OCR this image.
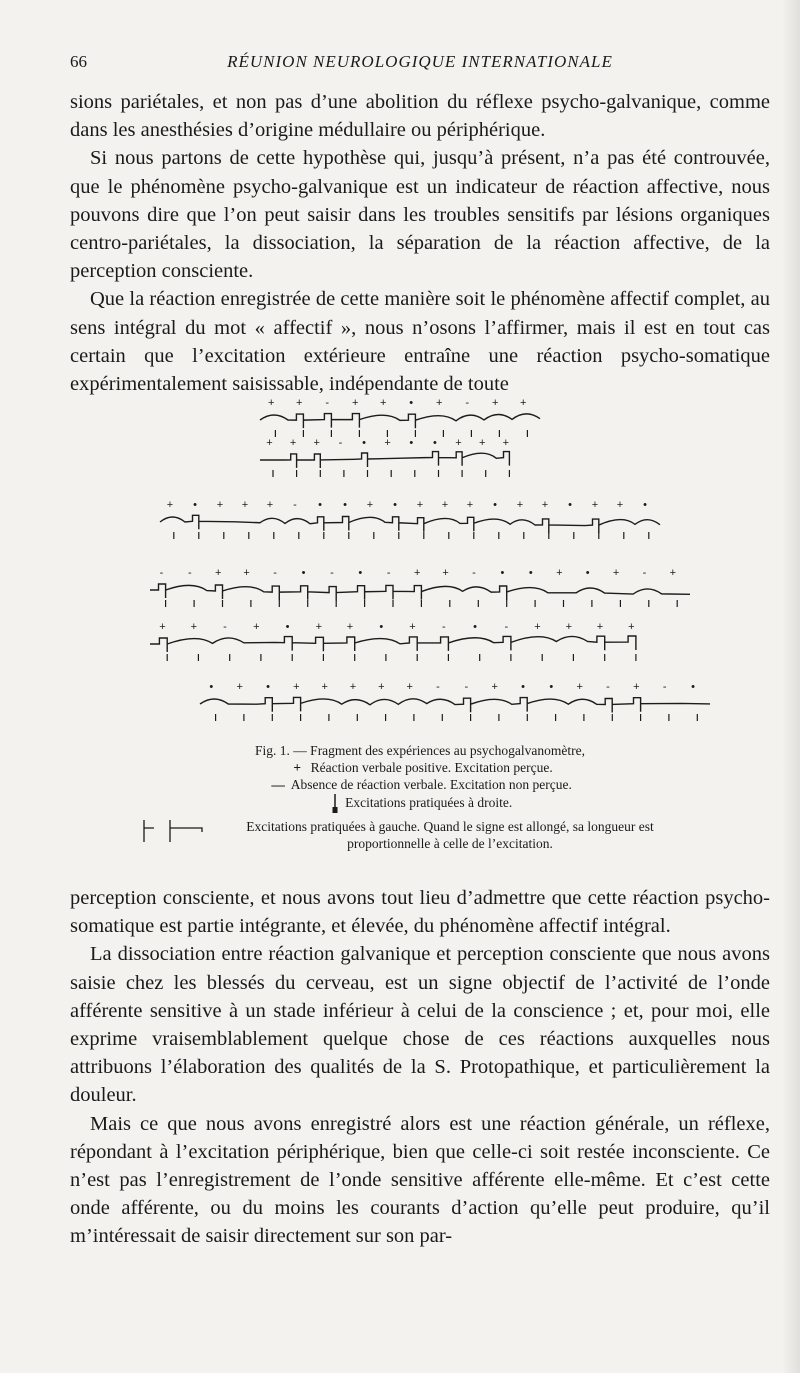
66	RÉUNION NEUROLOGIQUE INTERNATIONALE

sions pariétales, et non pas d’une abolition du réflexe psycho-galvanique, comme dans les anesthésies d’origine médullaire ou périphérique.

Si nous partons de cette hypothèse qui, jusqu’à présent, n’a pas été controuvée, que le phénomène psycho-galvanique est un indicateur de réaction affective, nous pouvons dire que l’on peut saisir dans les troubles sensitifs par lésions organiques centro-pariétales, la dissociation, la séparation de la réaction affective, de la perception consciente.

Que la réaction enregistrée de cette manière soit le phénomène affectif complet, au sens intégral du mot « affectif », nous n’osons l’affirmer, mais il est en tout cas certain que l’excitation extérieure entraîne une réaction psycho-somatique expérimentalement saisissable, indépendante de toute

+ + - + + • + - + +
+ + + - • + • • + + +
+ • + + + - • • + • + + + • + + • + + •
- - + + - • - • - + + - • • + • + - +
+ + - + • + + • + - •	- + + + +
• + • + + + + + - - + • • + - + - •
Fig. 1. — Fragment des expériences au psychogalvanomètre,
+ Réaction verbale positive. Excitation perçue.
— Absence de réaction verbale. Excitation non perçue.
Excitations pratiquées à droite.
Excitations pratiquées à gauche. Quand le signe est allongé, sa longueur est proportionnelle à celle de l’excitation.

perception consciente, et nous avons tout lieu d’admettre que cette réaction psycho-somatique est partie intégrante, et élevée, du phénomène affectif intégral.

La dissociation entre réaction galvanique et perception consciente que nous avons saisie chez les blessés du cerveau, est un signe objectif de l’activité de l’onde afférente sensitive à un stade inférieur à celui de la conscience ; et, pour moi, elle exprime vraisemblablement quelque chose de ces réactions auxquelles nous attribuons l’élaboration des qualités de la S. Protopathique, et particulièrement la douleur.

Mais ce que nous avons enregistré alors est une réaction générale, un réflexe, répondant à l’excitation périphérique, bien que celle-ci soit restée inconsciente. Ce n’est pas l’enregistrement de l’onde sensitive afférente elle-même. Et c’est cette onde afférente, ou du moins les courants d’action qu’elle peut produire, qu’il m’intéressait de saisir directement sur son par-
